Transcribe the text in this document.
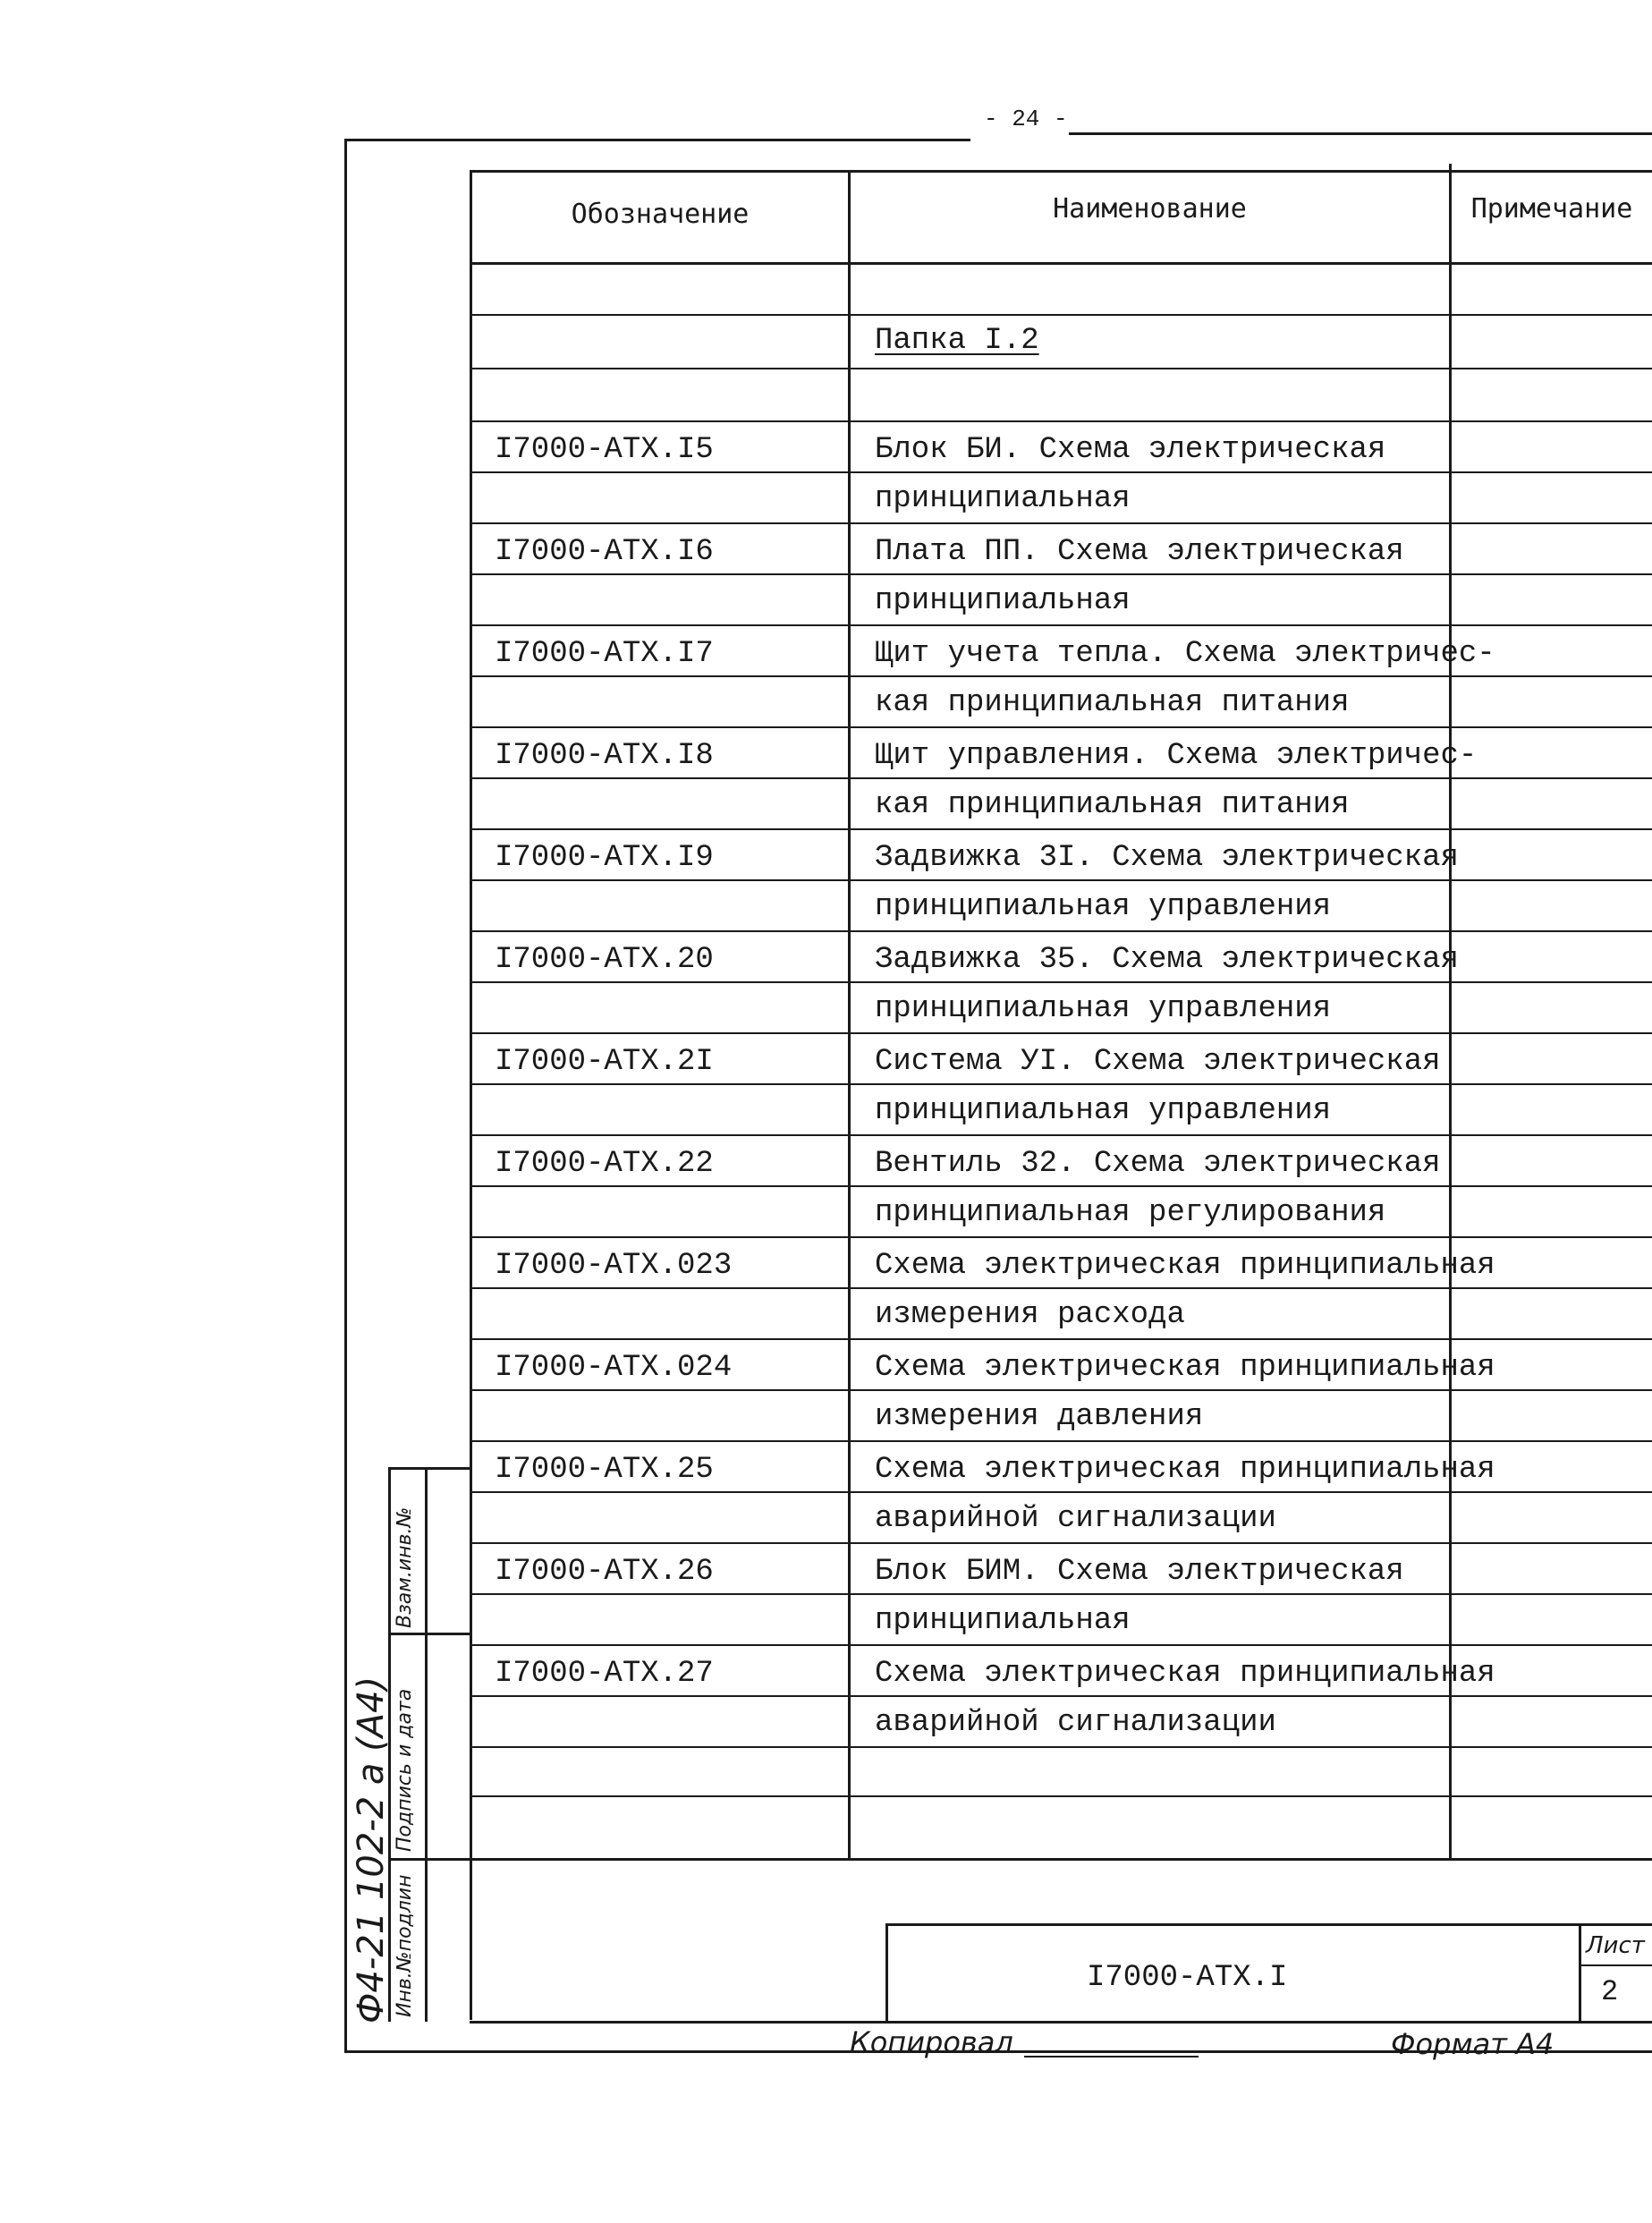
- 24 -
Обозначение	Наименование	Примечание
Папка I.2
I7000-АТХ.I5	Блок БИ. Схема электрическая
принципиальная
I7000-АТХ.I6	Плата ПП. Схема электрическая
принципиальная
I7000-АТХ.I7	Щит учета тепла. Схема электричес-
кая принципиальная питания
I7000-АТХ.I8	Щит управления. Схема электричес-
кая принципиальная питания
I7000-АТХ.I9	Задвижка 3I. Схема электрическая
принципиальная управления
I7000-АТХ.20	Задвижка 35. Схема электрическая
принципиальная управления
I7000-АТХ.2I	Система УI. Схема электрическая
принципиальная управления
I7000-АТХ.22	Вентиль 32. Схема электрическая
принципиальная регулирования
I7000-АТХ.023	Схема электрическая принципиальная
измерения расхода
I7000-АТХ.024	Схема электрическая принципиальная
измерения давления
I7000-АТХ.25	Схема электрическая принципиальная
аварийной сигнализации
I7000-АТХ.26	Блок БИМ. Схема электрическая
принципиальная
I7000-АТХ.27	Схема электрическая принципиальная
аварийной сигнализации
I7000-АТХ.I
Лист
2
Копировал	Формат А4
Ф4-21 102-2 а (А4) Инв.№подлин
Подпись и дата
Взам.инв.№
